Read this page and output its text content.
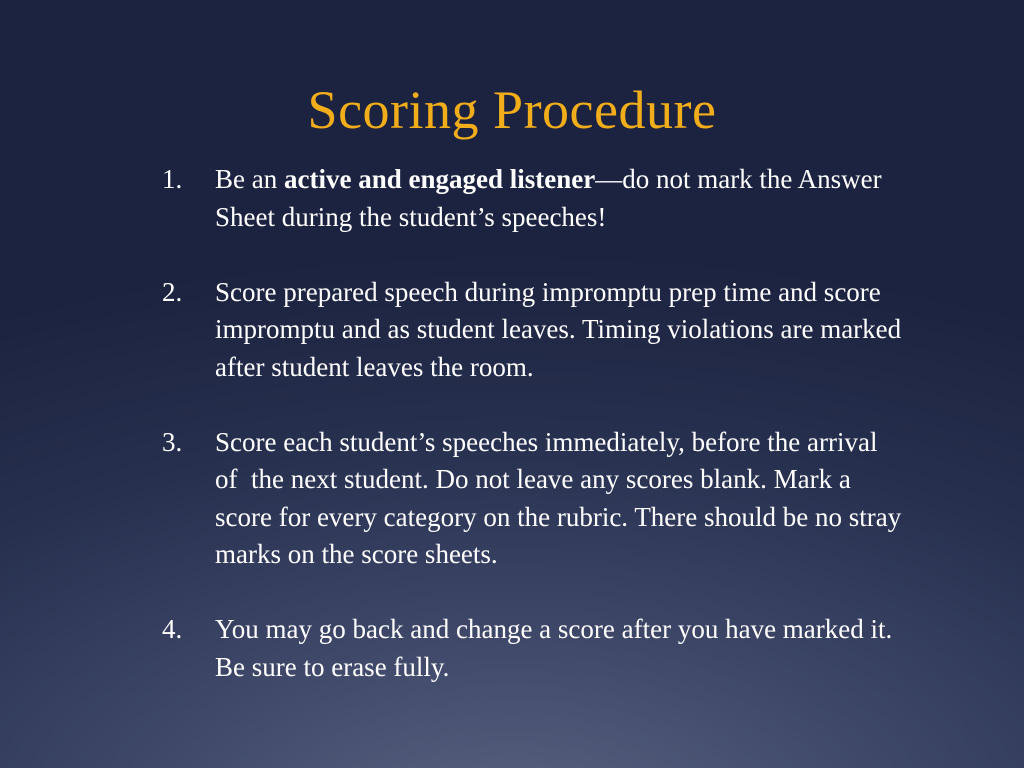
Scoring Procedure
1. Be an active and engaged listener—do not mark the Answer Sheet during the student’s speeches!
2. Score prepared speech during impromptu prep time and score impromptu and as student leaves. Timing violations are marked after student leaves the room.
3. Score each student’s speeches immediately, before the arrival of  the next student. Do not leave any scores blank. Mark a score for every category on the rubric. There should be no stray marks on the score sheets.
4. You may go back and change a score after you have marked it. Be sure to erase fully.
